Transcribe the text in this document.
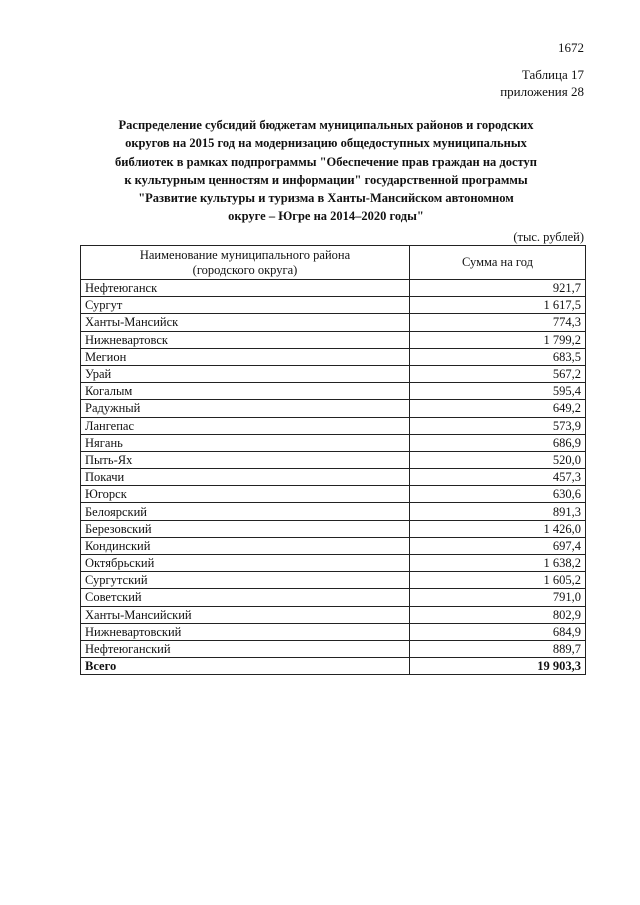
1672
Таблица 17
приложения 28
Распределение субсидий бюджетам муниципальных районов и городских
округов на 2015 год на модернизацию общедоступных муниципальных
библиотек в рамках подпрограммы "Обеспечение прав граждан на доступ
к культурным ценностям и информации" государственной программы
"Развитие культуры и туризма в Ханты-Мансийском автономном
округе – Югре на 2014–2020 годы"
(тыс. рублей)
Наименование муниципального района
(городского округа)	Сумма на год
Нефтеюганск	921,7
Сургут	1 617,5
Ханты-Мансийск	774,3
Нижневартовск	1 799,2
Мегион	683,5
Урай	567,2
Когалым	595,4
Радужный	649,2
Лангепас	573,9
Нягань	686,9
Пыть-Ях	520,0
Покачи	457,3
Югорск	630,6
Белоярский	891,3
Березовский	1 426,0
Кондинский	697,4
Октябрьский	1 638,2
Сургутский	1 605,2
Советский	791,0
Ханты-Мансийский	802,9
Нижневартовский	684,9
Нефтеюганский	889,7
Всего	19 903,3
